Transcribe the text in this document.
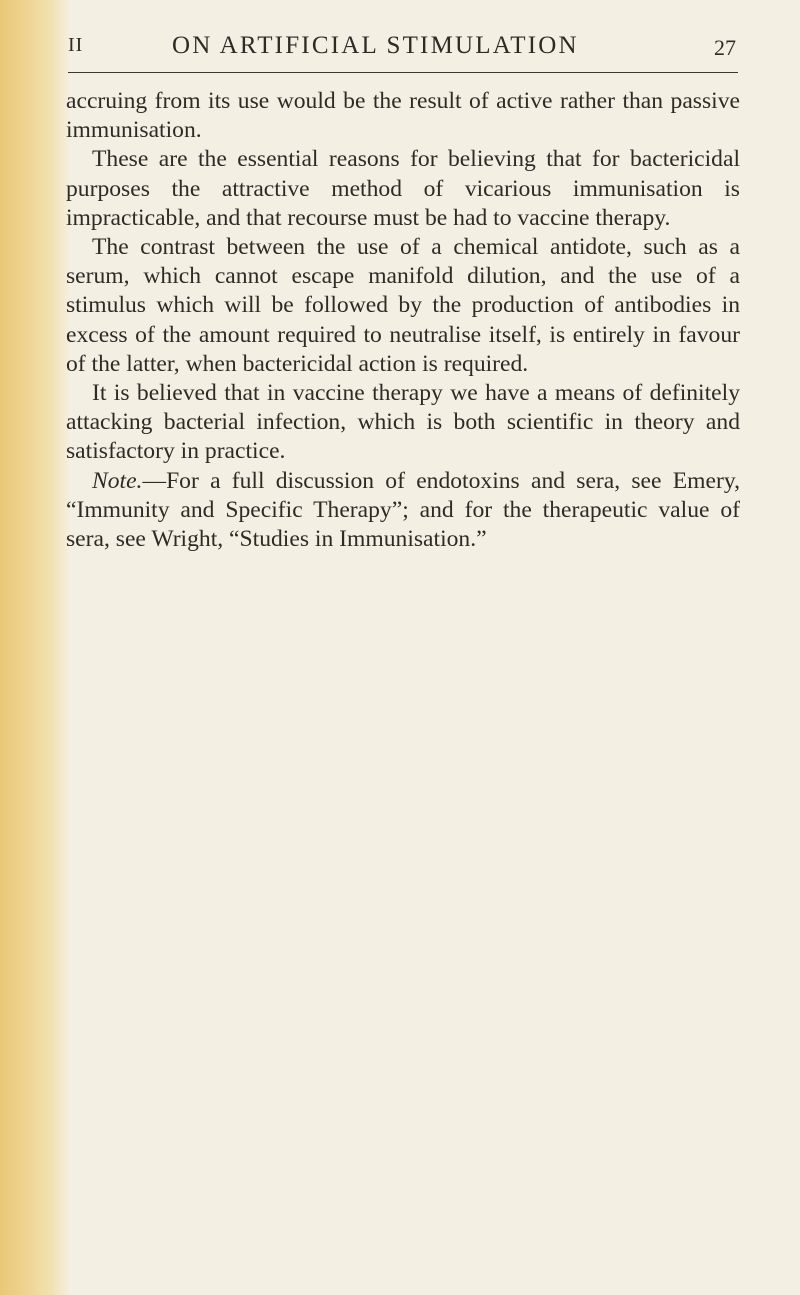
II	ON ARTIFICIAL STIMULATION	27

accruing from its use would be the result of active rather than passive immunisation.

These are the essential reasons for believing that for bactericidal purposes the attractive method of vicarious immunisation is impracticable, and that recourse must be had to vaccine therapy.

The contrast between the use of a chemical antidote, such as a serum, which cannot escape manifold dilution, and the use of a stimulus which will be followed by the production of antibodies in excess of the amount required to neutralise itself, is entirely in favour of the latter, when bactericidal action is required.

It is believed that in vaccine therapy we have a means of definitely attacking bacterial infection, which is both scientific in theory and satisfactory in practice.

Note.—For a full discussion of endotoxins and sera, see Emery, “Immunity and Specific Therapy”; and for the therapeutic value of sera, see Wright, “Studies in Immunisation.”
